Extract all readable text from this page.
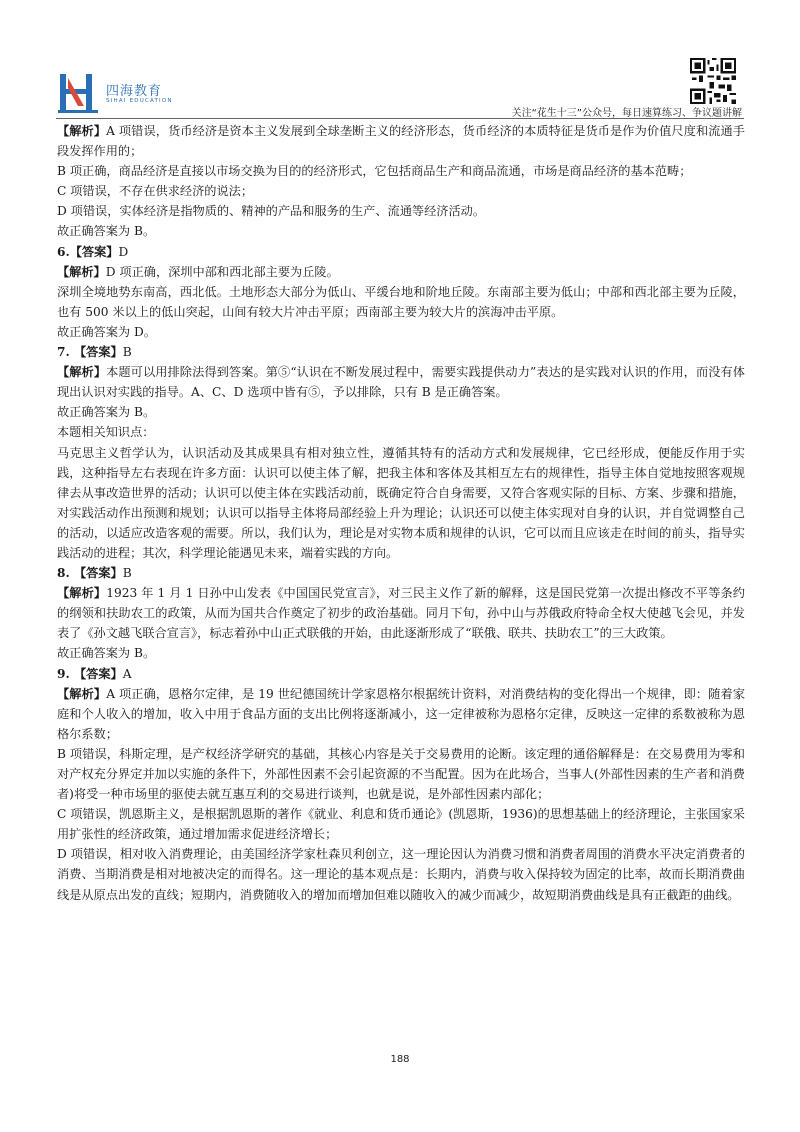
四海教育
SIHAI EDUCATION
关注“花生十三”公众号，每日速算练习、争议题讲解

【解析】A 项错误，货币经济是资本主义发展到全球垄断主义的经济形态，货币经济的本质特征是货币是作为价值尺度和流通手段发挥作用的；

B 项正确，商品经济是直接以市场交换为目的的经济形式，它包括商品生产和商品流通，市场是商品经济的基本范畴；

C 项错误，不存在供求经济的说法；

D 项错误，实体经济是指物质的、精神的产品和服务的生产、流通等经济活动。

故正确答案为 B。

6.【答案】D

【解析】D 项正确，深圳中部和西北部主要为丘陵。

深圳全境地势东南高，西北低。土地形态大部分为低山、平缓台地和阶地丘陵。东南部主要为低山；中部和西北部主要为丘陵，也有 500 米以上的低山突起，山间有较大片冲击平原；西南部主要为较大片的滨海冲击平原。

故正确答案为 D。

7. 【答案】B

【解析】本题可以用排除法得到答案。第⑤“认识在不断发展过程中，需要实践提供动力”表达的是实践对认识的作用，而没有体现出认识对实践的指导。A、C、D 选项中皆有⑤，予以排除，只有 B 是正确答案。

故正确答案为 B。

本题相关知识点：

马克思主义哲学认为，认识活动及其成果具有相对独立性，遵循其特有的活动方式和发展规律，它已经形成，便能反作用于实践，这种指导左右表现在许多方面：认识可以使主体了解，把我主体和客体及其相互左右的规律性，指导主体自觉地按照客观规律去从事改造世界的活动；认识可以使主体在实践活动前，既确定符合自身需要，又符合客观实际的目标、方案、步骤和措施，对实践活动作出预测和规划；认识可以指导主体将局部经验上升为理论；认识还可以使主体实现对自身的认识，并自觉调整自己的活动，以适应改造客观的需要。所以，我们认为，理论是对实物本质和规律的认识，它可以而且应该走在时间的前头，指导实践活动的进程；其次，科学理论能遇见未来，端着实践的方向。

8. 【答案】B

【解析】1923 年 1 月 1 日孙中山发表《中国国民党宣言》，对三民主义作了新的解释，这是国民党第一次提出修改不平等条约的纲领和扶助农工的政策，从而为国共合作奠定了初步的政治基础。同月下旬，孙中山与苏俄政府特命全权大使越飞会见，并发表了《孙文越飞联合宣言》，标志着孙中山正式联俄的开始，由此逐渐形成了“联俄、联共、扶助农工”的三大政策。

故正确答案为 B。

9. 【答案】A

【解析】A 项正确，恩格尔定律，是 19 世纪德国统计学家恩格尔根据统计资料，对消费结构的变化得出一个规律，即：随着家庭和个人收入的增加，收入中用于食品方面的支出比例将逐渐减小，这一定律被称为恩格尔定律，反映这一定律的系数被称为恩格尔系数；

B 项错误，科斯定理，是产权经济学研究的基础，其核心内容是关于交易费用的论断。该定理的通俗解释是：在交易费用为零和对产权充分界定并加以实施的条件下，外部性因素不会引起资源的不当配置。因为在此场合，当事人(外部性因素的生产者和消费者)将受一种市场里的驱使去就互惠互利的交易进行谈判，也就是说，是外部性因素内部化；

C 项错误，凯恩斯主义，是根据凯恩斯的著作《就业、利息和货币通论》(凯恩斯，1936)的思想基础上的经济理论，主张国家采用扩张性的经济政策，通过增加需求促进经济增长；

D 项错误，相对收入消费理论，由美国经济学家杜森贝利创立，这一理论因认为消费习惯和消费者周围的消费水平决定消费者的消费、当期消费是相对地被决定的而得名。这一理论的基本观点是：长期内，消费与收入保持较为固定的比率，故而长期消费曲线是从原点出发的直线；短期内，消费随收入的增加而增加但难以随收入的减少而减少，故短期消费曲线是具有正截距的曲线。

188
